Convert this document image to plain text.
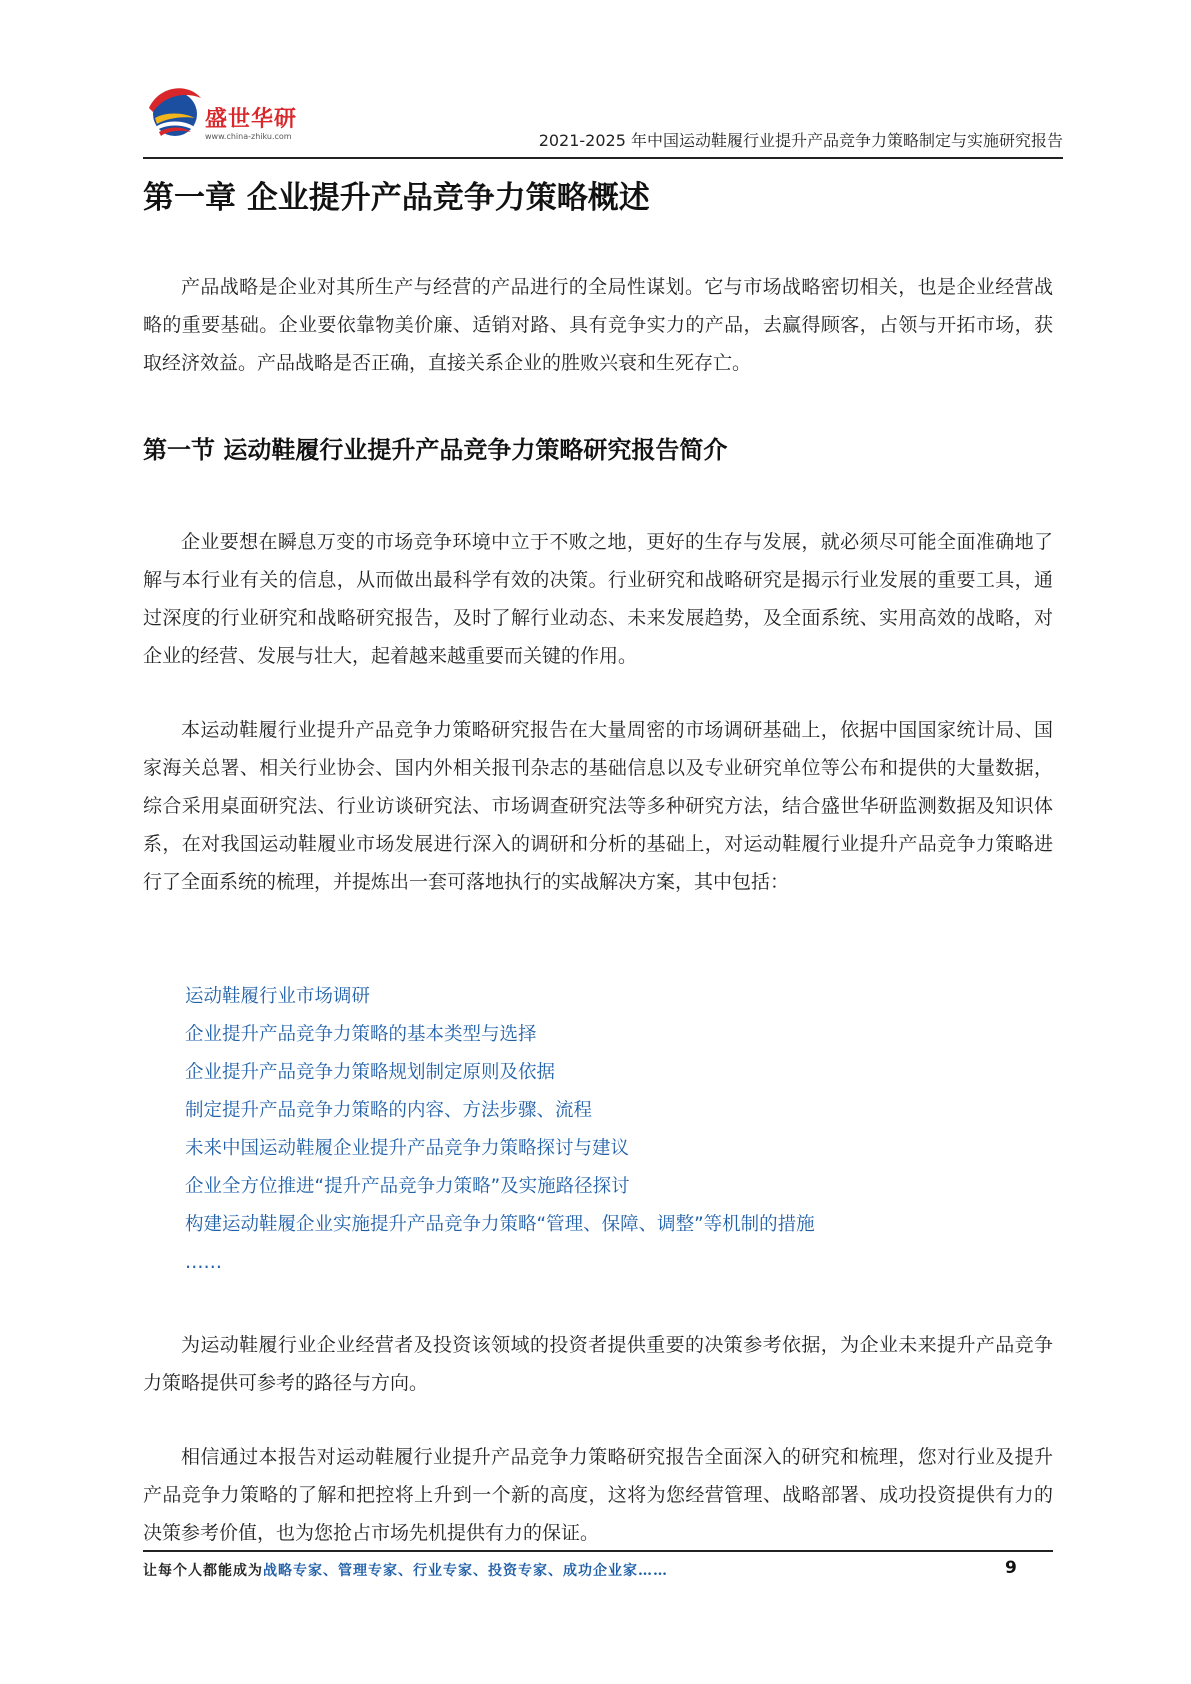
盛世华研
www.china-zhiku.com	2021-2025 年中国运动鞋履行业提升产品竞争力策略制定与实施研究报告
第一章 企业提升产品竞争力策略概述

产品战略是企业对其所生产与经营的产品进行的全局性谋划。它与市场战略密切相关，也是企业经营战略的重要基础。企业要依靠物美价廉、适销对路、具有竞争实力的产品，去赢得顾客，占领与开拓市场，获取经济效益。产品战略是否正确，直接关系企业的胜败兴衰和生死存亡。

第一节 运动鞋履行业提升产品竞争力策略研究报告简介

企业要想在瞬息万变的市场竞争环境中立于不败之地，更好的生存与发展，就必须尽可能全面准确地了解与本行业有关的信息，从而做出最科学有效的决策。行业研究和战略研究是揭示行业发展的重要工具，通过深度的行业研究和战略研究报告，及时了解行业动态、未来发展趋势，及全面系统、实用高效的战略，对企业的经营、发展与壮大，起着越来越重要而关键的作用。

本运动鞋履行业提升产品竞争力策略研究报告在大量周密的市场调研基础上，依据中国国家统计局、国家海关总署、相关行业协会、国内外相关报刊杂志的基础信息以及专业研究单位等公布和提供的大量数据，综合采用桌面研究法、行业访谈研究法、市场调查研究法等多种研究方法，结合盛世华研监测数据及知识体系，在对我国运动鞋履业市场发展进行深入的调研和分析的基础上，对运动鞋履行业提升产品竞争力策略进行了全面系统的梳理，并提炼出一套可落地执行的实战解决方案，其中包括：

运动鞋履行业市场调研
企业提升产品竞争力策略的基本类型与选择
企业提升产品竞争力策略规划制定原则及依据
制定提升产品竞争力策略的内容、方法步骤、流程
未来中国运动鞋履企业提升产品竞争力策略探讨与建议
企业全方位推进“提升产品竞争力策略”及实施路径探讨
构建运动鞋履企业实施提升产品竞争力策略“管理、保障、调整”等机制的措施
……

为运动鞋履行业企业经营者及投资该领域的投资者提供重要的决策参考依据，为企业未来提升产品竞争力策略提供可参考的路径与方向。

相信通过本报告对运动鞋履行业提升产品竞争力策略研究报告全面深入的研究和梳理，您对行业及提升产品竞争力策略的了解和把控将上升到一个新的高度，这将为您经营管理、战略部署、成功投资提供有力的决策参考价值，也为您抢占市场先机提供有力的保证。

让每个人都能成为战略专家、管理专家、行业专家、投资专家、成功企业家……	9
